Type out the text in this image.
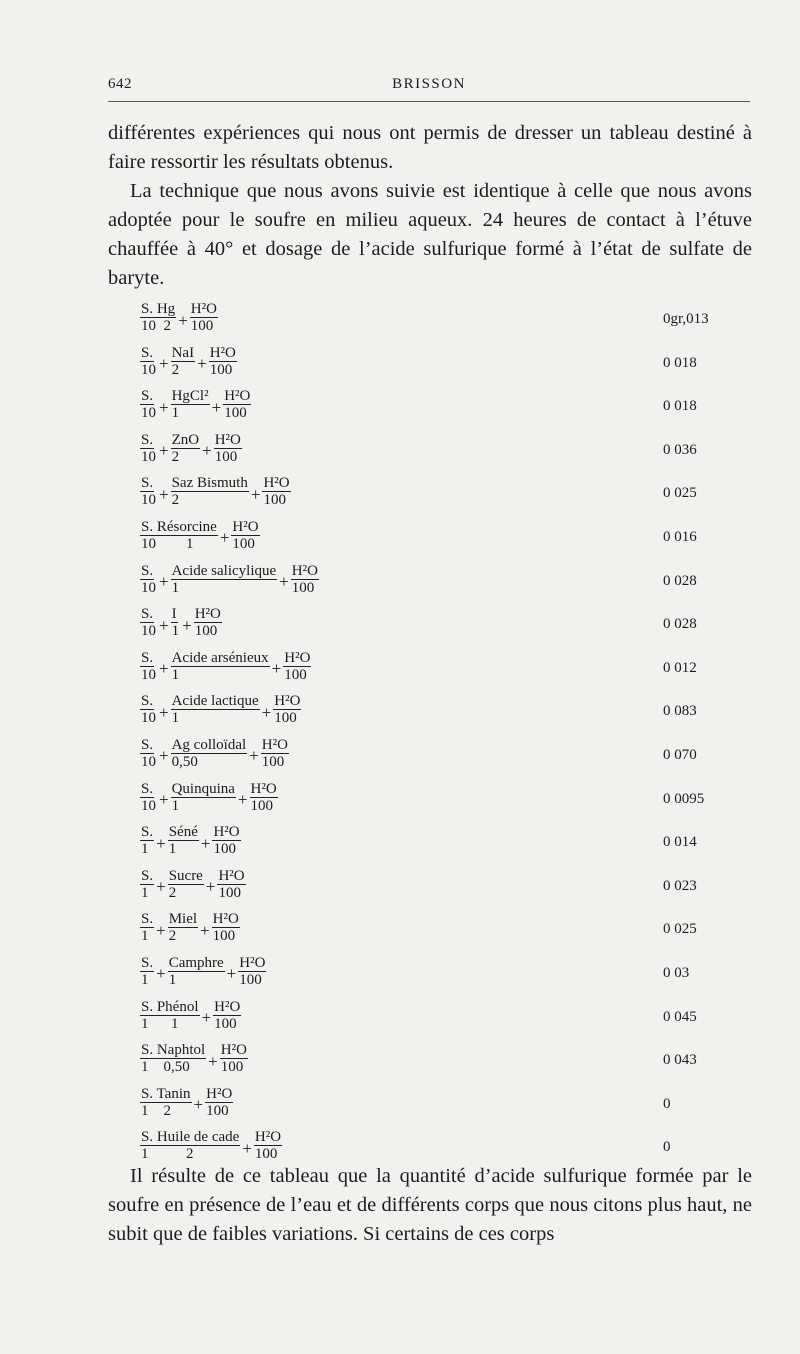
642	BRISSON

différentes expériences qui nous ont permis de dresser un tableau destiné à faire ressortir les résultats obtenus.

La technique que nous avons suivie est identique à celle que nous avons adoptée pour le soufre en milieu aqueux. 24 heures de contact à l’étuve chauffée à 40° et dosage de l’acide sulfurique formé à l’état de sulfate de baryte.

$\frac{S. Hg}{10 2} + \frac{\text{H²O}}{100}$	0gr,013
$\frac{S.}{10} + \frac{\text{NaI}}{2} + \frac{\text{H²O}}{100}$	0 018
$\frac{S.}{10} + \frac{\text{HgCl²}}{1} + \frac{\text{H²O}}{100}$	0 018
$\frac{S.}{10} + \frac{\text{ZnO}}{2} + \frac{\text{H²O}}{100}$	0 036
$\frac{S.}{10} + \frac{\text{Saz Bismuth}}{2} + \frac{\text{H²O}}{100}$	0 025
$\frac{\text{S. Résorcine}}{10 1} + \frac{\text{H²O}}{100}$	0 016
$\frac{S.}{10} + \frac{\text{Acide salicylique}}{1} + \frac{\text{H²O}}{100}$	0 028
$\frac{S.}{10} + \frac{I}{1} + \frac{\text{H²O}}{100}$	0 028
$\frac{S.}{10} + \frac{\text{Acide arsénieux}}{1} + \frac{\text{H²O}}{100}$	0 012
$\frac{S.}{10} + \frac{\text{Acide lactique}}{1} + \frac{\text{H²O}}{100}$	0 083
$\frac{S.}{10} + \frac{\text{Ag colloïdal}}{0,50} + \frac{\text{H²O}}{100}$	0 070
$\frac{S.}{10} + \frac{\text{Quinquina}}{1} + \frac{\text{H²O}}{100}$	0 0095
$\frac{S.}{1} + \frac{\text{Séné}}{1} + \frac{\text{H²O}}{100}$	0 014
$\frac{S.}{1} + \frac{\text{Sucre}}{2} + \frac{\text{H²O}}{100}$	0 023
$\frac{S.}{1} + \frac{\text{Miel}}{2} + \frac{\text{H²O}}{100}$	0 025
$\frac{S.}{1} + \frac{\text{Camphre}}{1} + \frac{\text{H²O}}{100}$	0 03
$\frac{\text{S. Phénol}}{1 1} + \frac{\text{H²O}}{100}$	0 045
$\frac{\text{S. Naphtol}}{1 0,50} + \frac{\text{H²O}}{100}$	0 043
$\frac{\text{S. Tanin}}{1 2} + \frac{\text{H²O}}{100}$	0
$\frac{\text{S. Huile de cade}}{1 2} + \frac{\text{H²O}}{100}$	0

Il résulte de ce tableau que la quantité d’acide sulfurique formée par le soufre en présence de l’eau et de différents corps que nous citons plus haut, ne subit que de faibles variations. Si certains de ces corps
